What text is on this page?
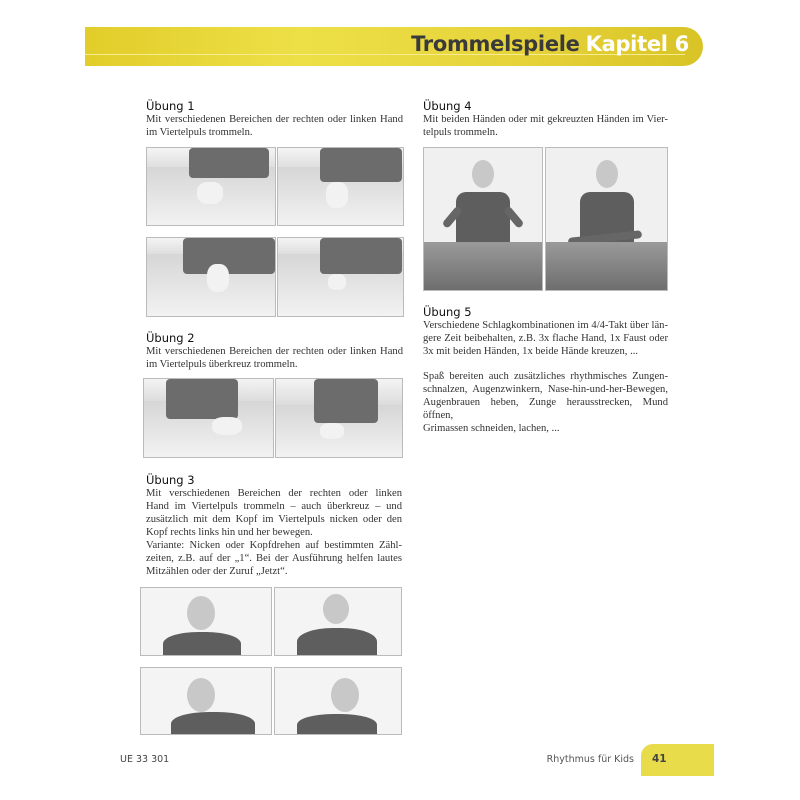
Trommelspiele Kapitel 6
Übung 1
Mit verschiedenen Bereichen der rechten oder linken Hand
im Viertelpuls trommeln.
Übung 2
Mit verschiedenen Bereichen der rechten oder linken Hand
im Viertelpuls überkreuz trommeln.
Übung 3
Mit verschiedenen Bereichen der rechten oder linken
Hand im Viertelpuls trommeln – auch überkreuz – und
zusätzlich mit dem Kopf im Viertelpuls nicken oder den
Kopf rechts links hin und her bewegen.
Variante: Nicken oder Kopfdrehen auf bestimmten Zähl-
zeiten, z.B. auf der „1“. Bei der Ausführung helfen lautes
Mitzählen oder der Zuruf „Jetzt“.
Übung 4
Mit beiden Händen oder mit gekreuzten Händen im Vier-
telpuls trommeln.
Übung 5
Verschiedene Schlagkombinationen im 4/4-Takt über län-
gere Zeit beibehalten, z.B. 3x flache Hand, 1x Faust oder
3x mit beiden Händen, 1x beide Hände kreuzen, ...
Spaß bereiten auch zusätzliches rhythmisches Zungen-
schnalzen, Augenzwinkern, Nase-hin-und-her-Bewegen,
Augenbrauen heben, Zunge herausstrecken, Mund öffnen,
Grimassen schneiden, lachen, ...
UE 33 301	Rhythmus für Kids 41
